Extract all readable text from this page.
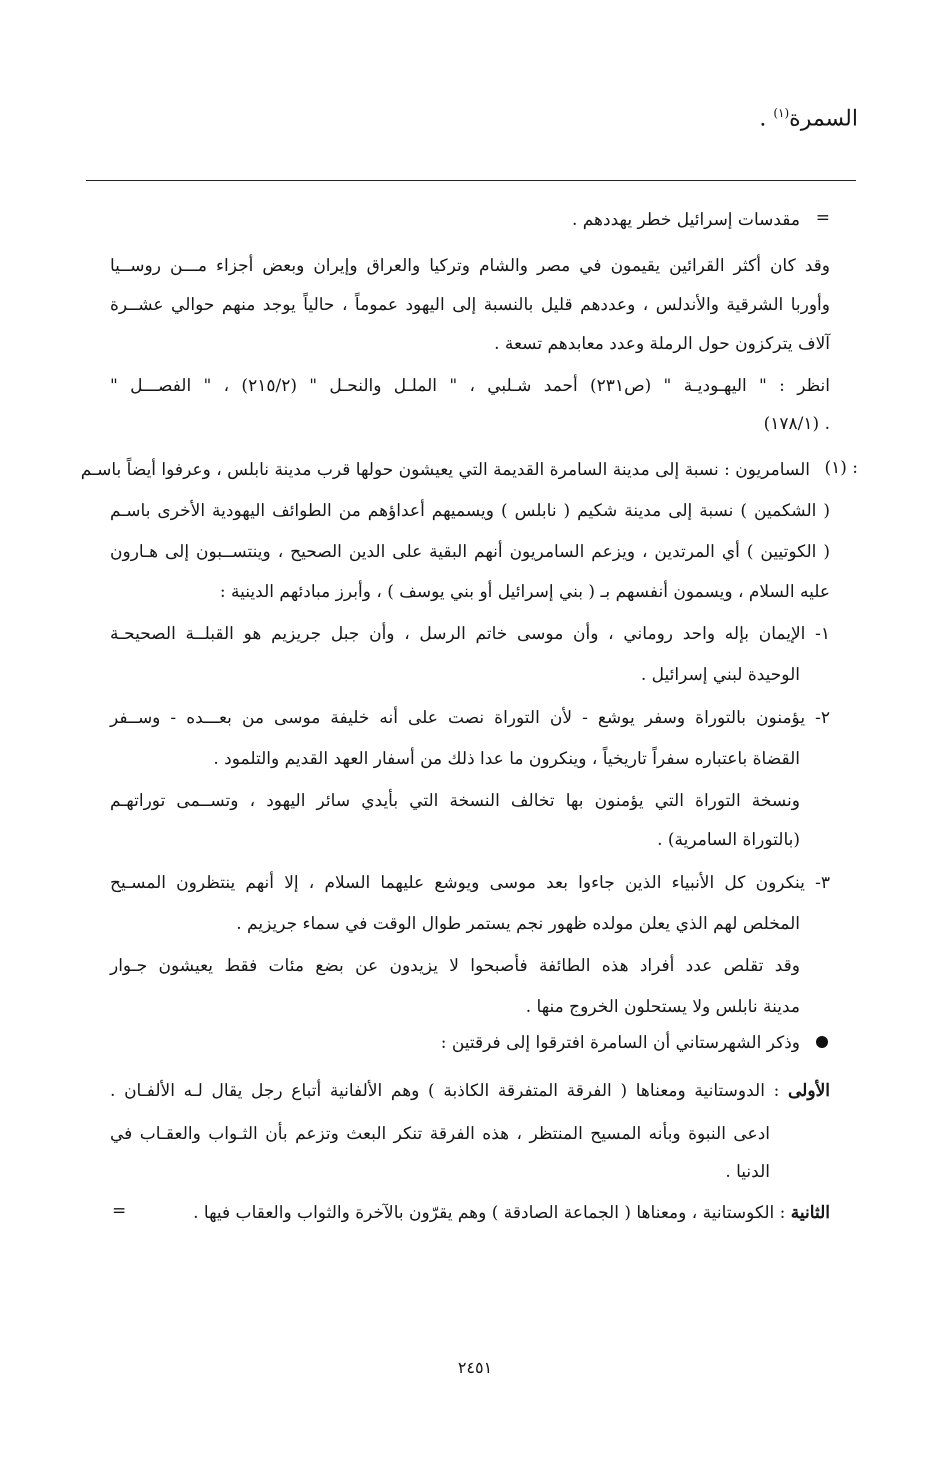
السمرة$^{(١)}$ .
=
مقدسات إسرائيل خطر يهددهم .
وقد كان أكثر القرائين يقيمون في مصر والشام وتركيا والعراق وإيران وبعض أجزاء مـــن روســيا
وأوربا الشرقية والأندلس ، وعددهم قليل بالنسبة إلى اليهود عموماً ، حالياً يوجد منهم حوالي عشــرة
آلاف يتركزون حول الرملة وعدد معابدهم تسعة .
انظر : " اليهـوديـة " (ص٢٣١) أحمد شـلبي ، " الملـل والنحـل " (٢١٥/٢) ، " الفصـــل "
. (١٧٨/١)
(١) :
السامريون : نسبة إلى مدينة السامرة القديمة التي يعيشون حولها قرب مدينة نابلس ، وعرفوا أيضاً باسـم
( الشكمين ) نسبة إلى مدينة شكيم ( نابلس ) ويسميهم أعداؤهم من الطوائف اليهودية الأخرى باسـم
( الكوتيين ) أي المرتدين ، ويزعم السامريون أنهم البقية على الدين الصحيح ، وينتســبون إلى هـارون
عليه السلام ، ويسمون أنفسهم بـ ( بني إسرائيل أو بني يوسف ) ، وأبرز مبادئهم الدينية :
١- الإيمان بإله واحد روماني ، وأن موسى خاتم الرسل ، وأن جبل جريزيم هو القبلــة الصحيحـة
الوحيدة لبني إسرائيل .
٢- يؤمنون بالتوراة وسفر يوشع - لأن التوراة نصت على أنه خليفة موسى من بعـــده - وســفر
القضاة باعتباره سفراً تاريخياً ، وينكرون ما عدا ذلك من أسفار العهد القديم والتلمود .
ونسخة التوراة التي يؤمنون بها تخالف النسخة التي بأيدي سائر اليهود ، وتســمى توراتهـم
(بالتوراة السامرية) .
٣- ينكرون كل الأنبياء الذين جاءوا بعد موسى ويوشع عليهما السلام ، إلا أنهم ينتظرون المسـيح
المخلص لهم الذي يعلن مولده ظهور نجم يستمر طوال الوقت في سماء جريزيم .
وقد تقلص عدد أفراد هذه الطائفة فأصبحوا لا يزيدون عن بضع مئات فقط يعيشون جـوار
مدينة نابلس ولا يستحلون الخروج منها .
وذكر الشهرستاني أن السامرة افترقوا إلى فرقتين :
الأولى : الدوستانية ومعناها ( الفرقة المتفرقة الكاذبة ) وهم الألفانية أتباع رجل يقال لـه الألفـان .
ادعى النبوة وبأنه المسيح المنتظر ، هذه الفرقة تنكر البعث وتزعم بأن الثـواب والعقـاب في
الدنيا .
الثانية : الكوستانية ، ومعناها ( الجماعة الصادقة ) وهم يقرّون بالآخرة والثواب والعقاب فيها .
=
٢٤٥١
